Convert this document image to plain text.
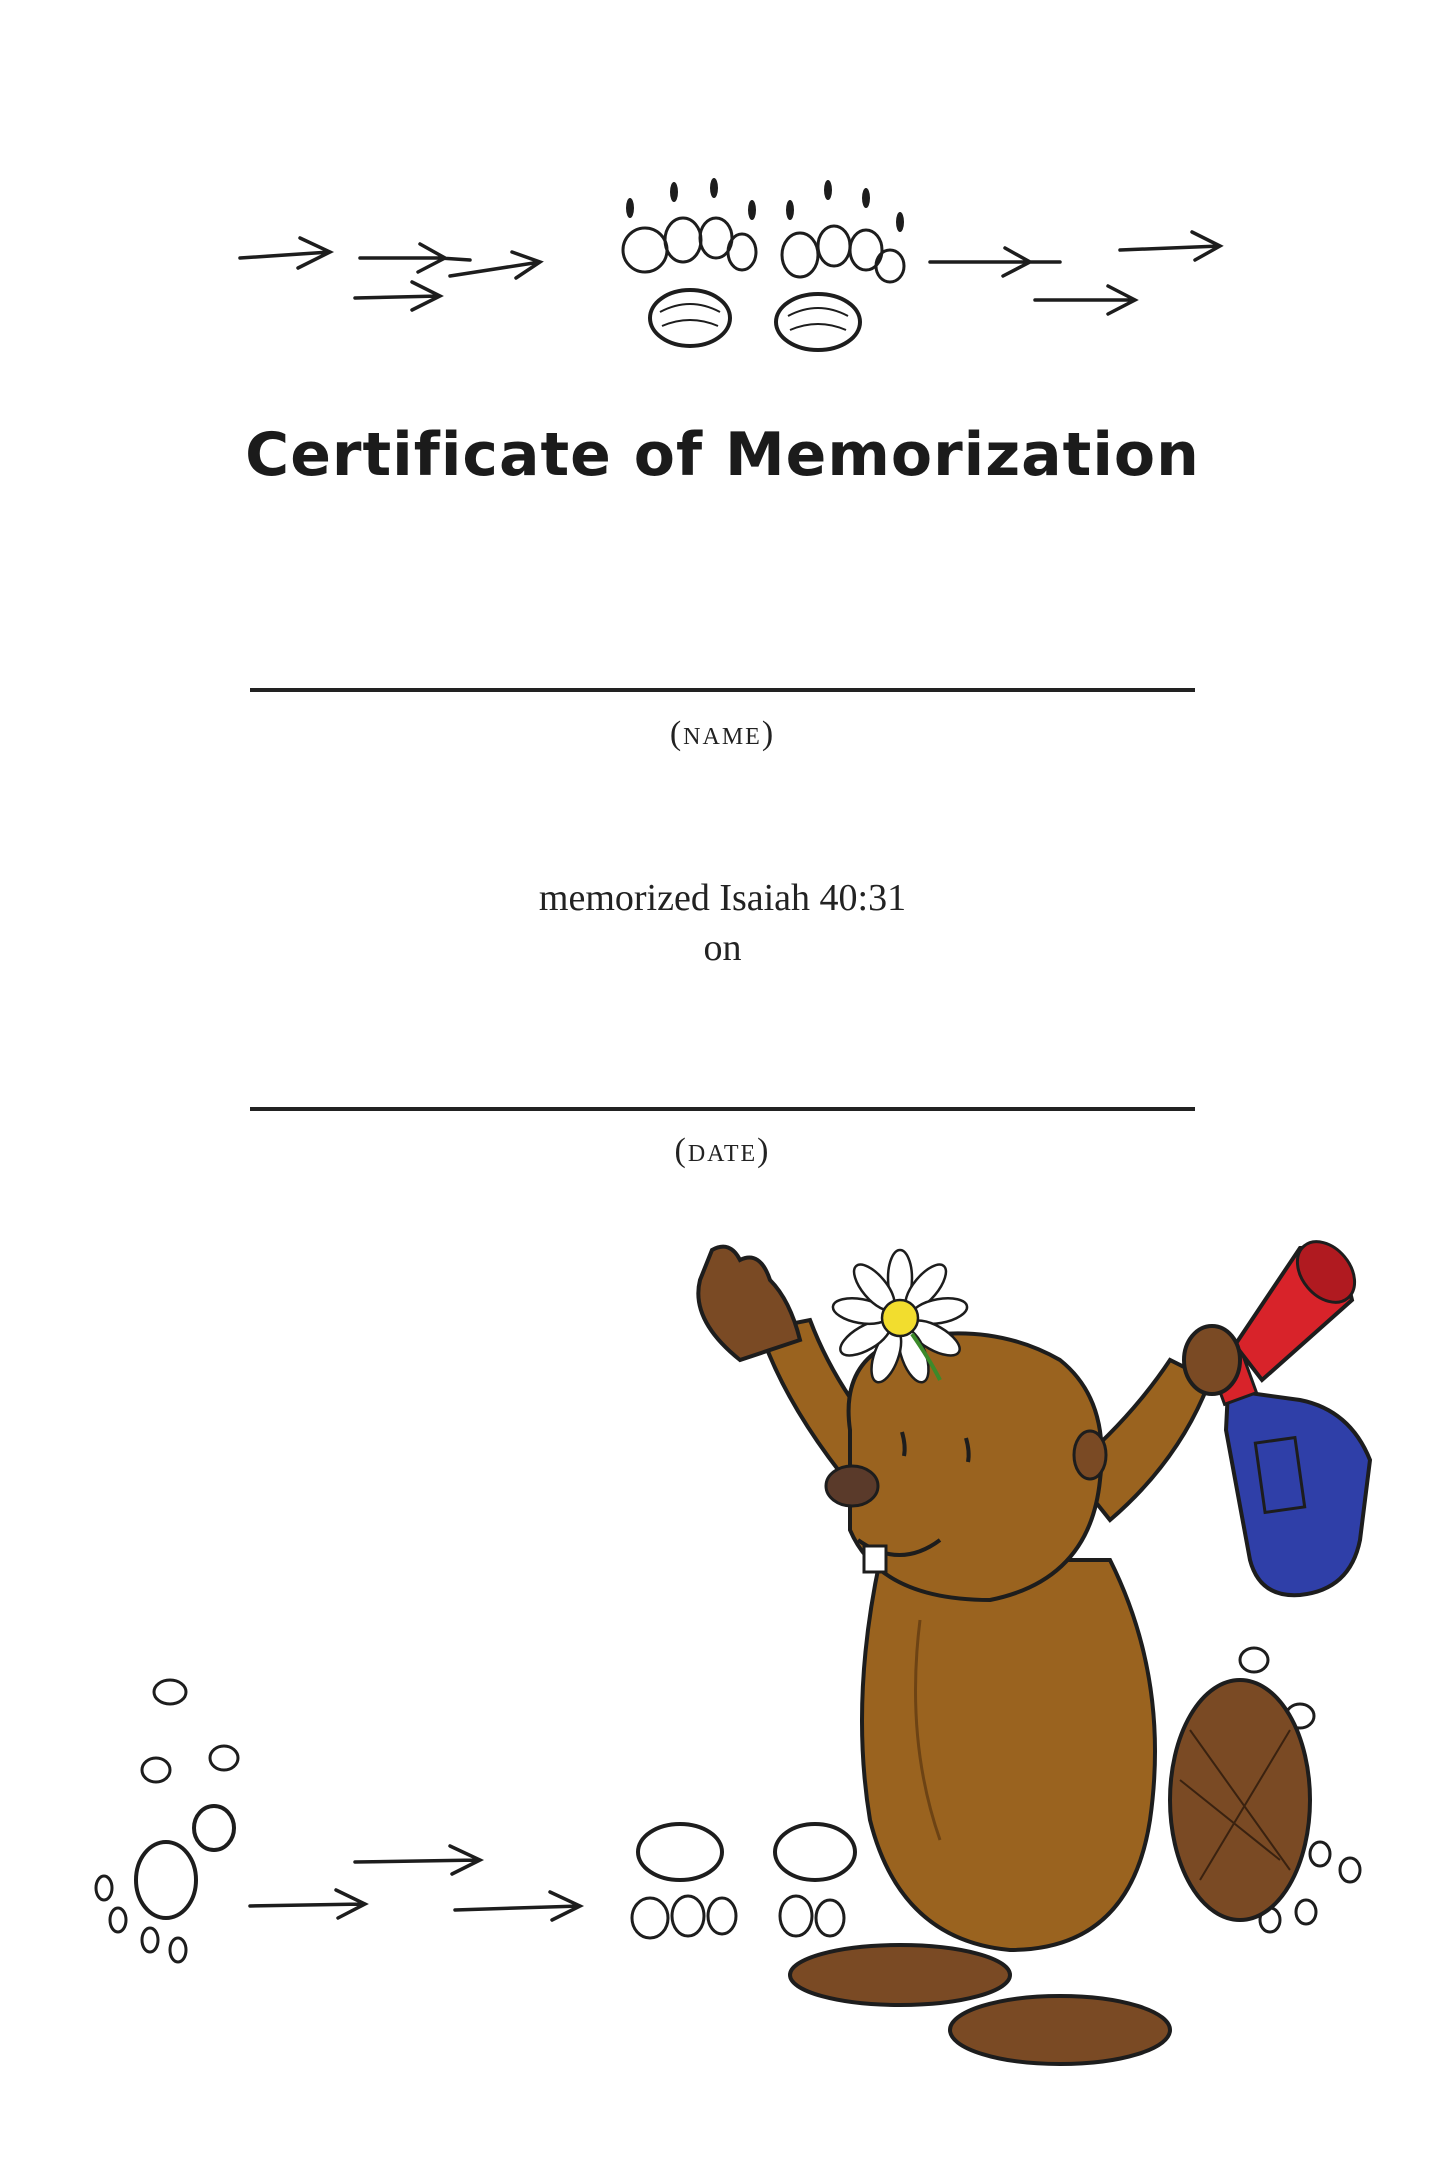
Certificate of Memorization
(name)
memorized Isaiah 40:31
on
(date)
